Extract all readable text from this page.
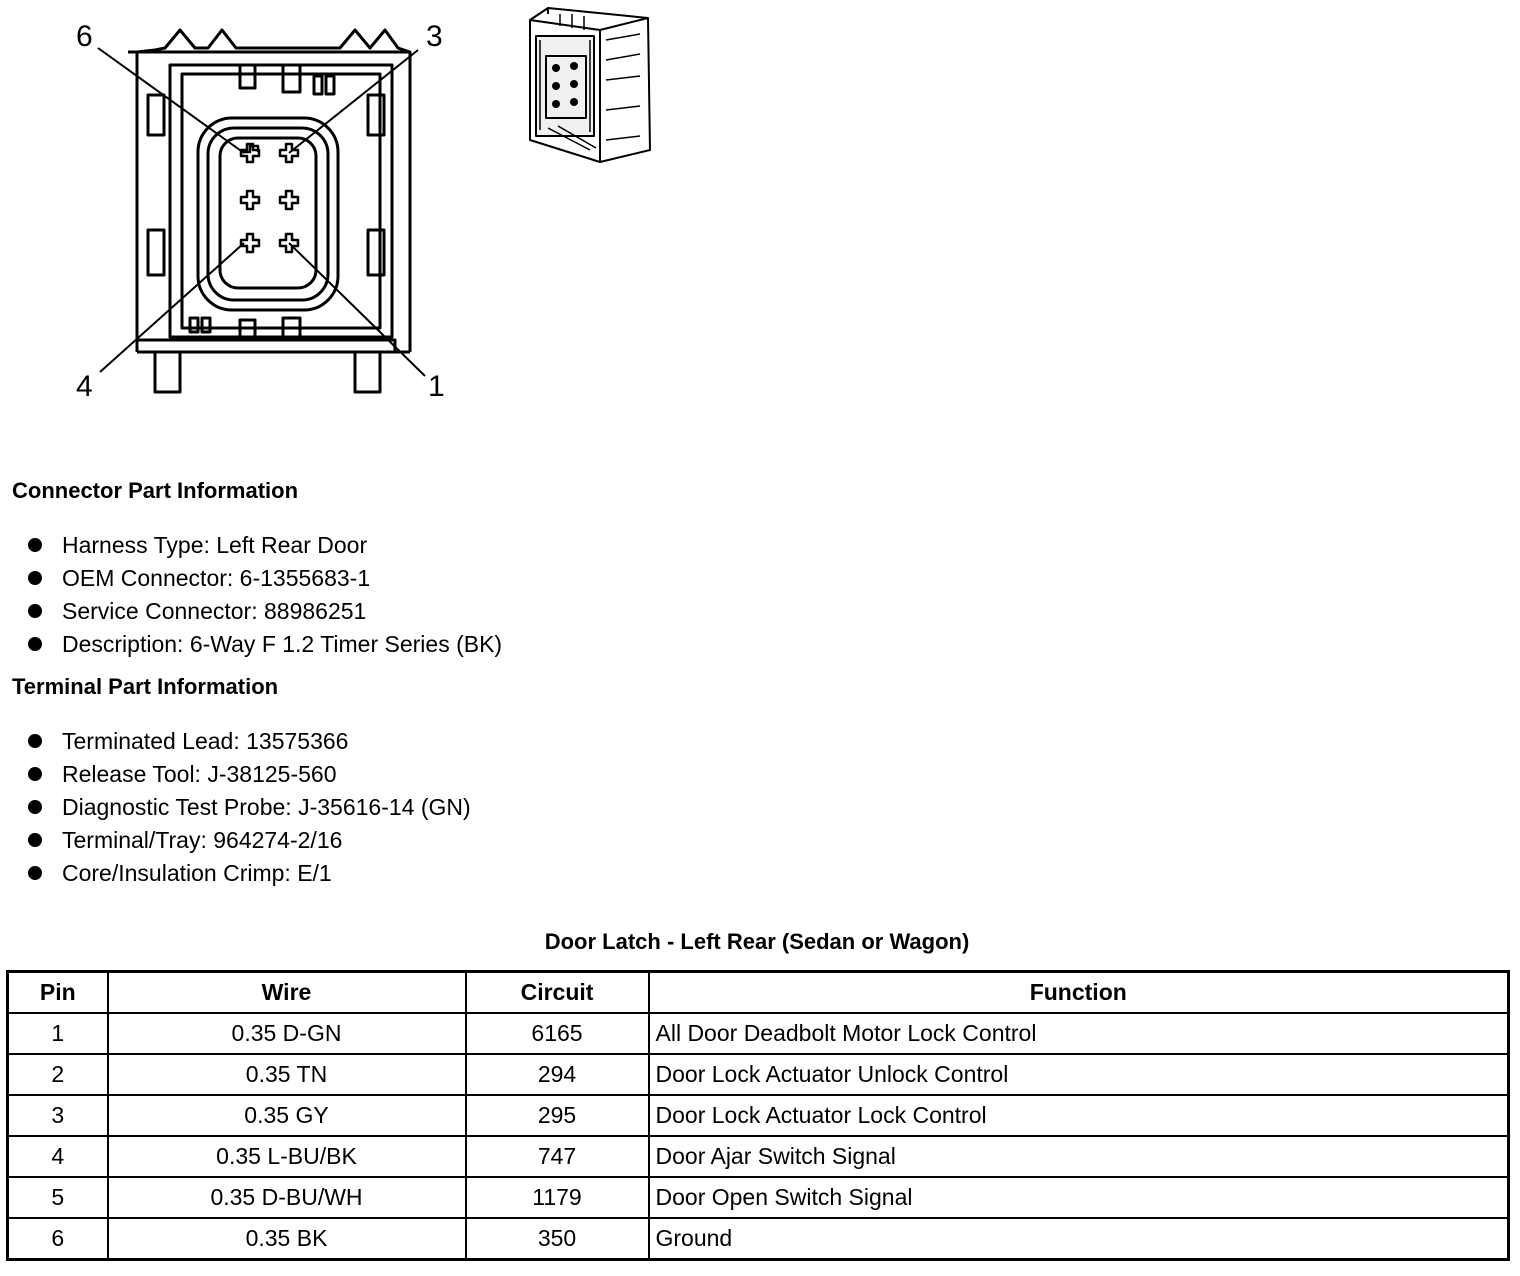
6	3
4	1
Connector Part Information
Harness Type: Left Rear Door
OEM Connector: 6-1355683-1
Service Connector: 88986251
Description: 6-Way F 1.2 Timer Series (BK)
Terminal Part Information
Terminated Lead: 13575366
Release Tool: J-38125-560
Diagnostic Test Probe: J-35616-14 (GN)
Terminal/Tray: 964274-2/16
Core/Insulation Crimp: E/1
Door Latch - Left Rear (Sedan or Wagon)
Pin	Wire	Circuit	Function
1	0.35 D-GN	6165	All Door Deadbolt Motor Lock Control
2	0.35 TN	294	Door Lock Actuator Unlock Control
3	0.35 GY	295	Door Lock Actuator Lock Control
4	0.35 L-BU/BK	747	Door Ajar Switch Signal
5	0.35 D-BU/WH	1179	Door Open Switch Signal
6	0.35 BK	350	Ground
